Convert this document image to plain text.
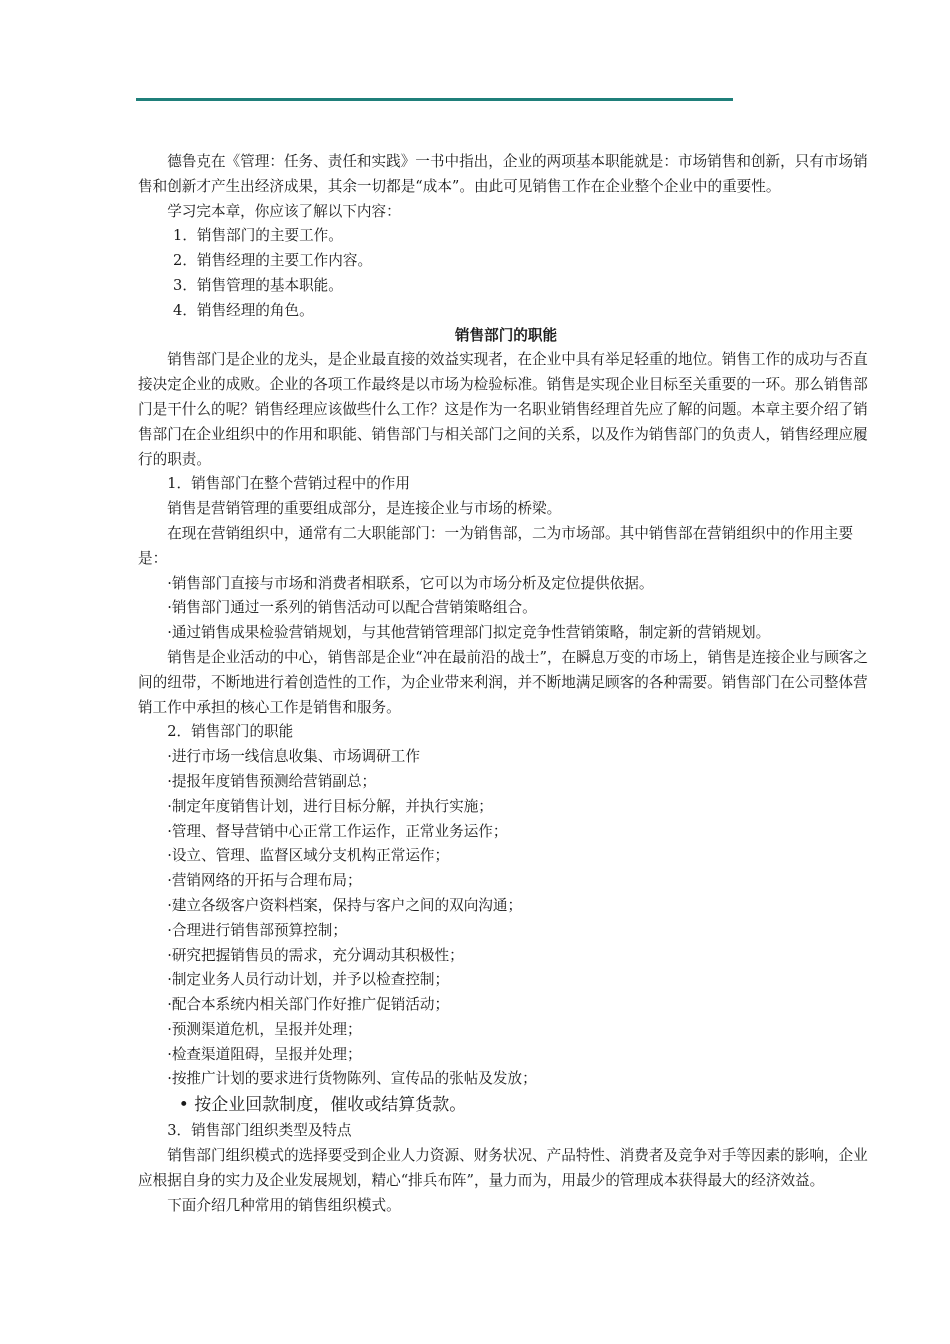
德鲁克在《管理：任务、责任和实践》一书中指出，企业的两项基本职能就是：市场销售和创新，只有市场销售和创新才产生出经济成果，其余一切都是“成本”。由此可见销售工作在企业整个企业中的重要性。

学习完本章，你应该了解以下内容：

1．销售部门的主要工作。

2．销售经理的主要工作内容。

3．销售管理的基本职能。

4．销售经理的角色。

销售部门的职能

销售部门是企业的龙头，是企业最直接的效益实现者，在企业中具有举足轻重的地位。销售工作的成功与否直接决定企业的成败。企业的各项工作最终是以市场为检验标准。销售是实现企业目标至关重要的一环。那么销售部门是干什么的呢？销售经理应该做些什么工作？这是作为一名职业销售经理首先应了解的问题。本章主要介绍了销售部门在企业组织中的作用和职能、销售部门与相关部门之间的关系，以及作为销售部门的负责人，销售经理应履行的职责。

1．销售部门在整个营销过程中的作用

销售是营销管理的重要组成部分，是连接企业与市场的桥梁。

在现在营销组织中，通常有二大职能部门：一为销售部，二为市场部。其中销售部在营销组织中的作用主要是：

·销售部门直接与市场和消费者相联系，它可以为市场分析及定位提供依据。

·销售部门通过一系列的销售活动可以配合营销策略组合。

·通过销售成果检验营销规划，与其他营销管理部门拟定竞争性营销策略，制定新的营销规划。

销售是企业活动的中心，销售部是企业“冲在最前沿的战士”，在瞬息万变的市场上，销售是连接企业与顾客之间的纽带，不断地进行着创造性的工作，为企业带来利润，并不断地满足顾客的各种需要。销售部门在公司整体营销工作中承担的核心工作是销售和服务。

2．销售部门的职能

·进行市场一线信息收集、市场调研工作

·提报年度销售预测给营销副总；

·制定年度销售计划，进行目标分解，并执行实施；

·管理、督导营销中心正常工作运作，正常业务运作；

·设立、管理、监督区域分支机构正常运作；

·营销网络的开拓与合理布局；

·建立各级客户资料档案，保持与客户之间的双向沟通；

·合理进行销售部预算控制；

·研究把握销售员的需求，充分调动其积极性；

·制定业务人员行动计划，并予以检查控制；

·配合本系统内相关部门作好推广促销活动；

·预测渠道危机，呈报并处理；

·检查渠道阻碍，呈报并处理；

·按推广计划的要求进行货物陈列、宣传品的张帖及发放；

• 按企业回款制度，催收或结算货款。

3．销售部门组织类型及特点

销售部门组织模式的选择要受到企业人力资源、财务状况、产品特性、消费者及竞争对手等因素的影响，企业应根据自身的实力及企业发展规划，精心“排兵布阵”，量力而为，用最少的管理成本获得最大的经济效益。

下面介绍几种常用的销售组织模式。
